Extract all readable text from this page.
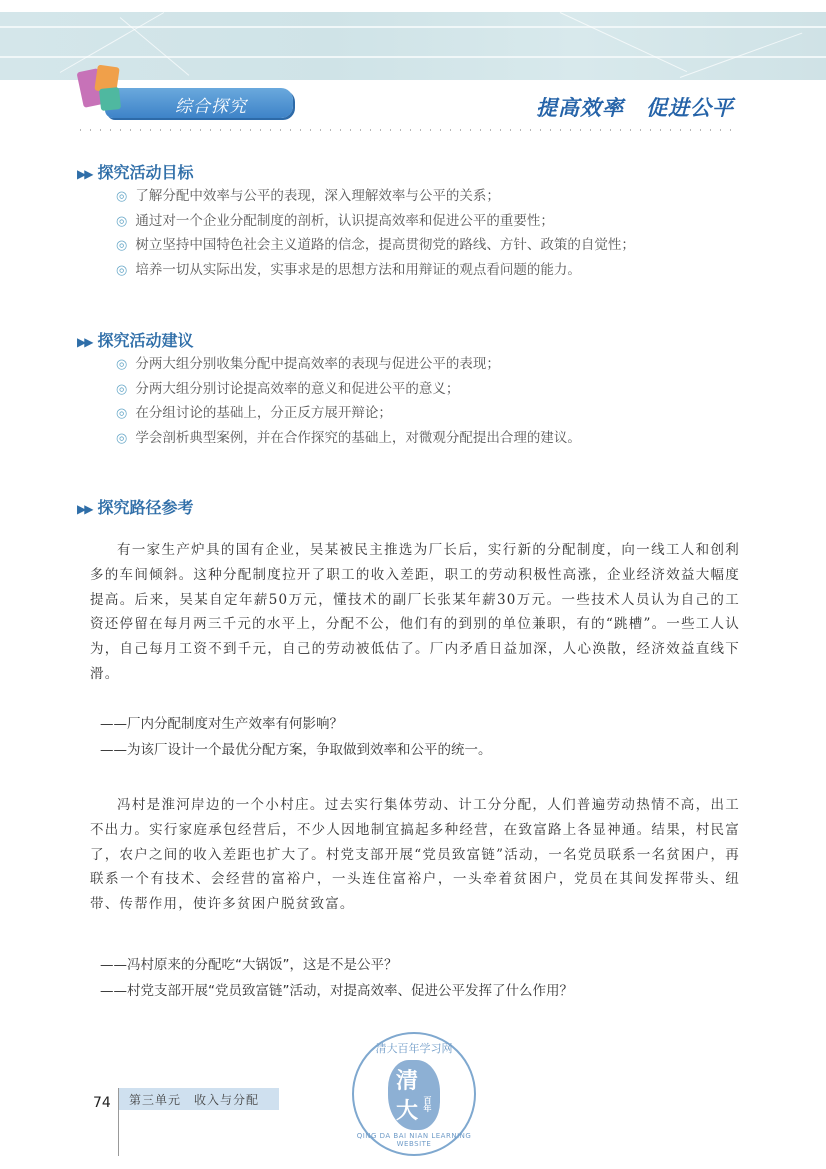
综合探究	提高效率　促进公平
▶▶ 探究活动目标
◎ 了解分配中效率与公平的表现，深入理解效率与公平的关系；
◎ 通过对一个企业分配制度的剖析，认识提高效率和促进公平的重要性；
◎ 树立坚持中国特色社会主义道路的信念，提高贯彻党的路线、方针、政策的自觉性；
◎ 培养一切从实际出发，实事求是的思想方法和用辩证的观点看问题的能力。
▶▶ 探究活动建议
◎ 分两大组分别收集分配中提高效率的表现与促进公平的表现；
◎ 分两大组分别讨论提高效率的意义和促进公平的意义；
◎ 在分组讨论的基础上，分正反方展开辩论；
◎ 学会剖析典型案例，并在合作探究的基础上，对微观分配提出合理的建议。
▶▶ 探究路径参考

有一家生产炉具的国有企业，吴某被民主推选为厂长后，实行新的分配制度，向一线工人和创利多的车间倾斜。这种分配制度拉开了职工的收入差距，职工的劳动积极性高涨，企业经济效益大幅度提高。后来，吴某自定年薪50万元，懂技术的副厂长张某年薪30万元。一些技术人员认为自己的工资还停留在每月两三千元的水平上，分配不公，他们有的到别的单位兼职，有的“跳槽”。一些工人认为，自己每月工资不到千元，自己的劳动被低估了。厂内矛盾日益加深，人心涣散，经济效益直线下滑。

——厂内分配制度对生产效率有何影响？

——为该厂设计一个最优分配方案，争取做到效率和公平的统一。

冯村是淮河岸边的一个小村庄。过去实行集体劳动、计工分分配，人们普遍劳动热情不高，出工不出力。实行家庭承包经营后，不少人因地制宜搞起多种经营，在致富路上各显神通。结果，村民富了，农户之间的收入差距也扩大了。村党支部开展“党员致富链”活动，一名党员联系一名贫困户，再联系一个有技术、会经营的富裕户，一头连住富裕户，一头牵着贫困户，党员在其间发挥带头、纽带、传帮作用，使许多贫困户脱贫致富。

——冯村原来的分配吃“大锅饭”，这是不是公平？

——村党支部开展“党员致富链”活动，对提高效率、促进公平发挥了什么作用？

74 第三单元　收入与分配
清大百年学习网
清
大 百年
QING DA BAI NIAN LEARNING WEBSITE
